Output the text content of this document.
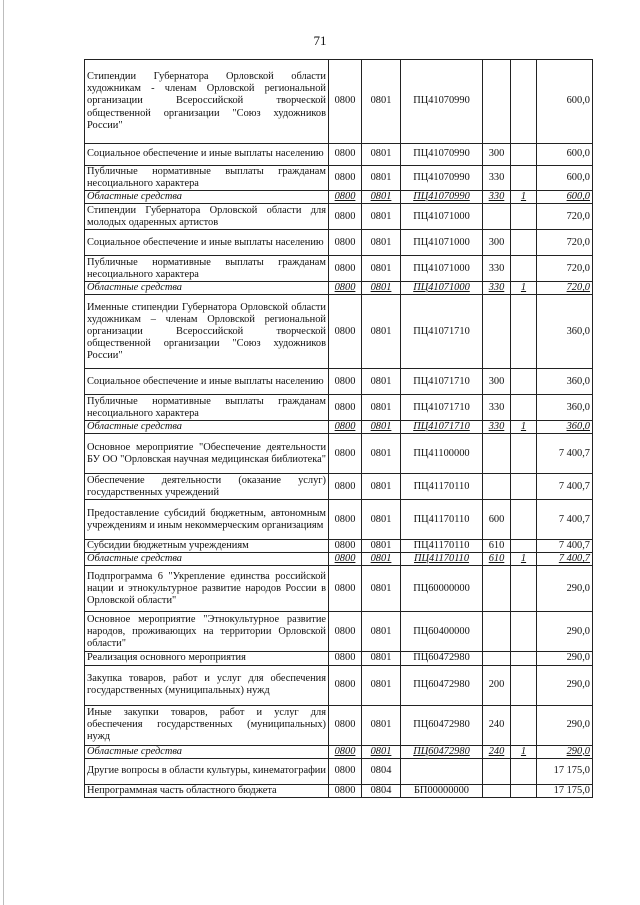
71
Стипендии Губернатора Орловской области художникам - членам Орловской региональной организации Всероссийской творческой общественной организации "Союз художников России"	0800	0801	ПЦ41070990			600,0
Социальное обеспечение и иные выплаты населению	0800	0801	ПЦ41070990	300		600,0
Публичные нормативные выплаты гражданам несоциального характера	0800	0801	ПЦ41070990	330		600,0
Областные средства	0800	0801	ПЦ41070990	330	1	600,0
Стипендии Губернатора Орловской области для молодых одаренных артистов	0800	0801	ПЦ41071000			720,0
Социальное обеспечение и иные выплаты населению	0800	0801	ПЦ41071000	300		720,0
Публичные нормативные выплаты гражданам несоциального характера	0800	0801	ПЦ41071000	330		720,0
Областные средства	0800	0801	ПЦ41071000	330	1	720,0
Именные стипендии Губернатора Орловской области художникам – членам Орловской региональной организации Всероссийской творческой общественной организации "Союз художников России"	0800	0801	ПЦ41071710			360,0
Социальное обеспечение и иные выплаты населению	0800	0801	ПЦ41071710	300		360,0
Публичные нормативные выплаты гражданам несоциального характера	0800	0801	ПЦ41071710	330		360,0
Областные средства	0800	0801	ПЦ41071710	330	1	360,0
Основное мероприятие "Обеспечение деятельности БУ ОО "Орловская научная медицинская библиотека"	0800	0801	ПЦ41100000			7 400,7
Обеспечение деятельности (оказание услуг) государственных учреждений	0800	0801	ПЦ41170110			7 400,7
Предоставление субсидий бюджетным, автономным учреждениям и иным некоммерческим организациям	0800	0801	ПЦ41170110	600		7 400,7
Субсидии бюджетным учреждениям	0800	0801	ПЦ41170110	610		7 400,7
Областные средства	0800	0801	ПЦ41170110	610	1	7 400,7
Подпрограмма 6 "Укрепление единства российской нации и этнокультурное развитие народов России в Орловской области"	0800	0801	ПЦ60000000			290,0
Основное мероприятие "Этнокультурное развитие народов, проживающих на территории Орловской области"	0800	0801	ПЦ60400000			290,0
Реализация основного мероприятия	0800	0801	ПЦ60472980			290,0
Закупка товаров, работ и услуг для обеспечения государственных (муниципальных) нужд	0800	0801	ПЦ60472980	200		290,0
Иные закупки товаров, работ и услуг для обеспечения государственных (муниципальных) нужд	0800	0801	ПЦ60472980	240		290,0
Областные средства	0800	0801	ПЦ60472980	240	1	290,0
Другие вопросы в области культуры, кинематографии	0800	0804				17 175,0
Непрограммная часть областного бюджета	0800	0804	БП00000000			17 175,0
